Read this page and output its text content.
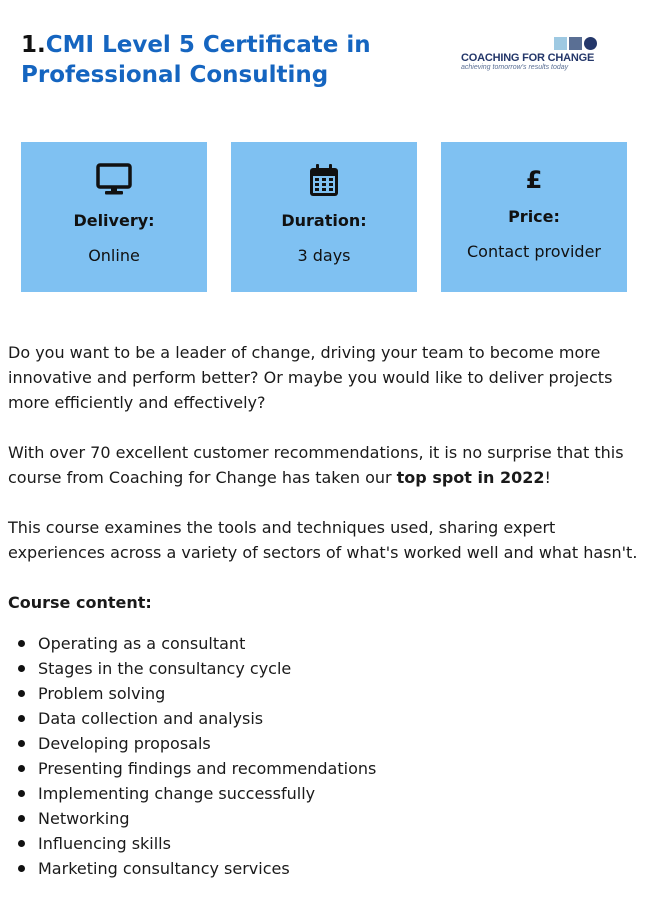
1.CMI Level 5 Certificate in Professional Consulting
COACHING FOR CHANGE
achieving tomorrow's results today
Delivery:
Online
Duration:
3 days
£
Price:
Contact provider

Do you want to be a leader of change, driving your team to become more innovative and perform better? Or maybe you would like to deliver projects more efficiently and effectively?

With over 70 excellent customer recommendations, it is no surprise that this course from Coaching for Change has taken our top spot in 2022!

This course examines the tools and techniques used, sharing expert experiences across a variety of sectors of what's worked well and what hasn't.

Course content:
Operating as a consultant
Stages in the consultancy cycle
Problem solving
Data collection and analysis
Developing proposals
Presenting findings and recommendations
Implementing change successfully
Networking
Influencing skills
Marketing consultancy services
